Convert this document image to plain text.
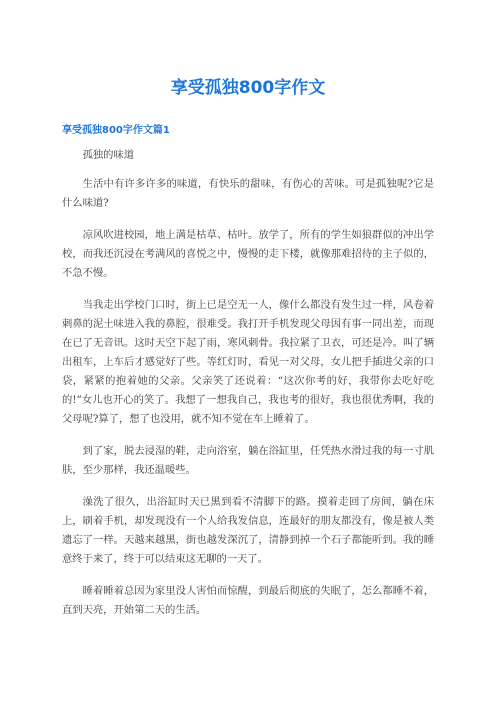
享受孤独800字作文
享受孤独800字作文篇1

孤独的味道

生活中有许多许多的味道，有快乐的甜味，有伤心的苦味。可是孤独呢?它是什么味道?

凉风吹进校园，地上满是枯草、枯叶。放学了，所有的学生如狼群似的冲出学校，而我还沉浸在考满风的喜悦之中，慢慢的走下楼，就像那难招待的主子似的，不急不慢。

当我走出学校门口时，街上已是空无一人，像什么都没有发生过一样，风卷着刺鼻的泥土味进入我的鼻腔，很难受。我打开手机发现父母因有事一同出差，而现在已了无音讯。这时天空下起了雨，寒风刺骨。我拉紧了卫衣，可还是冷。叫了辆出租车，上车后才感觉好了些。等红灯时，看见一对父母，女儿把手插进父亲的口袋，紧紧的抱着她的父亲。父亲笑了还说着：“这次你考的好，我带你去吃好吃的!”女儿也开心的笑了。我想了一想我自己，我也考的很好，我也很优秀啊，我的父母呢?算了，想了也没用，就不知不觉在车上睡着了。

到了家，脱去浸湿的鞋，走向浴室，躺在浴缸里，任凭热水滑过我的每一寸肌肤，至少那样，我还温暖些。

澡洗了很久，出浴缸时天已黑到看不清脚下的路。摸着走回了房间，躺在床上，刷着手机，却发现没有一个人给我发信息，连最好的朋友都没有，像是被人类遗忘了一样。天越来越黑，街也越发深沉了，清静到掉一个石子都能听到。我的睡意终于来了，终于可以结束这无聊的一天了。

睡着睡着总因为家里没人害怕而惊醒，到最后彻底的失眠了，怎么都睡不着，直到天亮，开始第二天的生活。
